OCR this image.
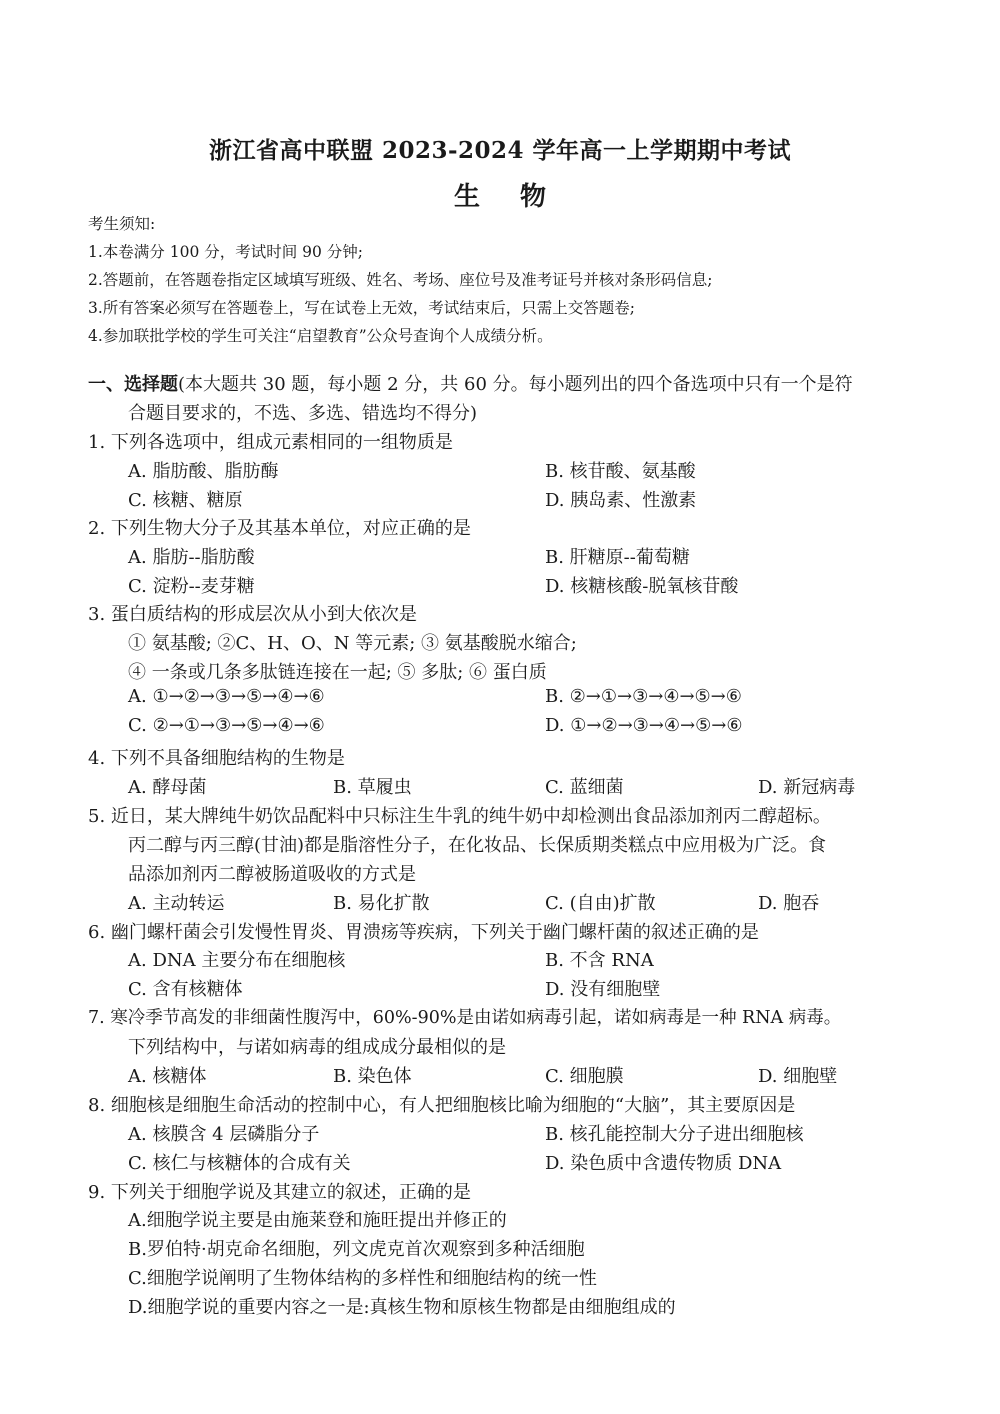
浙江省高中联盟 2023-2024 学年高一上学期期中考试
生物
考生须知:
1.本卷满分 100 分，考试时间 90 分钟;
2.答题前，在答题卷指定区域填写班级、姓名、考场、座位号及准考证号并核对条形码信息;
3.所有答案必须写在答题卷上，写在试卷上无效，考试结束后，只需上交答题卷;
4.参加联批学校的学生可关注“启望教育”公众号查询个人成绩分析。
一、选择题(本大题共 30 题，每小题 2 分，共 60 分。每小题列出的四个备选项中只有一个是符
合题目要求的，不选、多选、错选均不得分)
1. 下列各选项中，组成元素相同的一组物质是
A. 脂肪酸、脂肪酶	B. 核苷酸、氨基酸
C. 核糖、糖原	D. 胰岛素、性激素
2. 下列生物大分子及其基本单位，对应正确的是
A. 脂肪--脂肪酸	B. 肝糖原--葡萄糖
C. 淀粉--麦芽糖	D. 核糖核酸-脱氧核苷酸
3. 蛋白质结构的形成层次从小到大依次是
① 氨基酸; ②C、H、O、N 等元素; ③ 氨基酸脱水缩合;
④ 一条或几条多肽链连接在一起; ⑤ 多肽; ⑥ 蛋白质
A. ①→②→③→⑤→④→⑥	B. ②→①→③→④→⑤→⑥
C. ②→①→③→⑤→④→⑥	D. ①→②→③→④→⑤→⑥
4. 下列不具备细胞结构的生物是
A. 酵母菌	B. 草履虫	C. 蓝细菌	D. 新冠病毒
5. 近日，某大牌纯牛奶饮品配料中只标注生牛乳的纯牛奶中却检测出食品添加剂丙二醇超标。
丙二醇与丙三醇(甘油)都是脂溶性分子，在化妆品、长保质期类糕点中应用极为广泛。食
品添加剂丙二醇被肠道吸收的方式是
A. 主动转运	B. 易化扩散	C. (自由)扩散	D. 胞吞
6. 幽门螺杆菌会引发慢性胃炎、胃溃疡等疾病，下列关于幽门螺杆菌的叙述正确的是
A. DNA 主要分布在细胞核	B. 不含 RNA
C. 含有核糖体	D. 没有细胞壁
7. 寒冷季节高发的非细菌性腹泻中，60%-90%是由诺如病毒引起，诺如病毒是一种 RNA 病毒。
下列结构中，与诺如病毒的组成成分最相似的是
A. 核糖体	B. 染色体	C. 细胞膜	D. 细胞壁
8. 细胞核是细胞生命活动的控制中心，有人把细胞核比喻为细胞的“大脑”，其主要原因是
A. 核膜含 4 层磷脂分子	B. 核孔能控制大分子进出细胞核
C. 核仁与核糖体的合成有关	D. 染色质中含遗传物质 DNA
9. 下列关于细胞学说及其建立的叙述，正确的是
A.细胞学说主要是由施莱登和施旺提出并修正的
B.罗伯特·胡克命名细胞，列文虎克首次观察到多种活细胞
C.细胞学说阐明了生物体结构的多样性和细胞结构的统一性
D.细胞学说的重要内容之一是:真核生物和原核生物都是由细胞组成的
